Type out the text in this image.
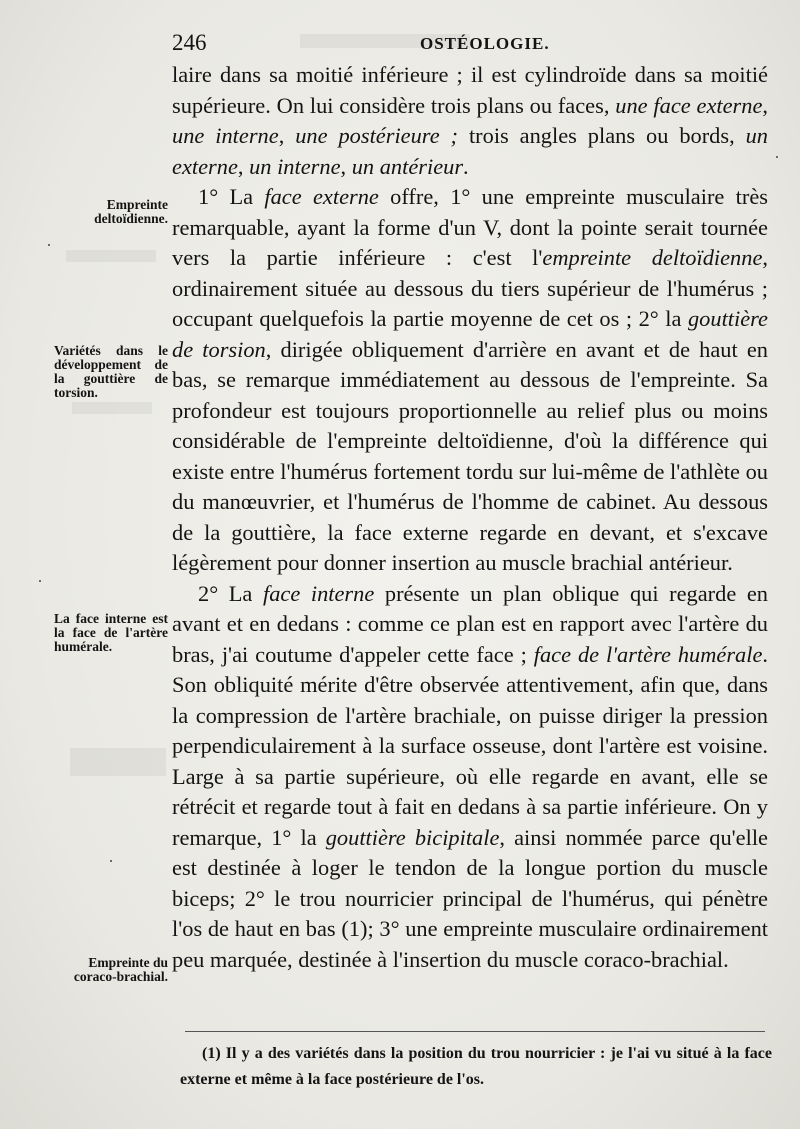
246	OSTÉOLOGIE.

laire dans sa moitié inférieure ; il est cylindroïde dans sa moitié supérieure. On lui considère trois plans ou faces, une face externe, une interne, une postérieure ; trois angles plans ou bords, un externe, un interne, un antérieur.

1° La face externe offre, 1° une empreinte musculaire très remarquable, ayant la forme d'un V, dont la pointe serait tournée vers la partie inférieure : c'est l'empreinte deltoïdienne, ordinairement située au dessous du tiers supérieur de l'humérus ; occupant quelquefois la partie moyenne de cet os ; 2° la gouttière de torsion, dirigée obliquement d'arrière en avant et de haut en bas, se remarque immédiatement au dessous de l'empreinte. Sa profondeur est toujours proportionnelle au relief plus ou moins considérable de l'empreinte deltoïdienne, d'où la différence qui existe entre l'humérus fortement tordu sur lui-même de l'athlète ou du manœuvrier, et l'humérus de l'homme de cabinet. Au dessous de la gouttière, la face externe regarde en devant, et s'excave légèrement pour donner insertion au muscle brachial antérieur.

2° La face interne présente un plan oblique qui regarde en avant et en dedans : comme ce plan est en rapport avec l'artère du bras, j'ai coutume d'appeler cette face ; face de l'artère humérale. Son obliquité mérite d'être observée attentivement, afin que, dans la compression de l'artère brachiale, on puisse diriger la pression perpendiculairement à la surface osseuse, dont l'artère est voisine. Large à sa partie supérieure, où elle regarde en avant, elle se rétrécit et regarde tout à fait en dedans à sa partie inférieure. On y remarque, 1° la gouttière bicipitale, ainsi nommée parce qu'elle est destinée à loger le tendon de la longue portion du muscle biceps; 2° le trou nourricier principal de l'humérus, qui pénètre l'os de haut en bas (1); 3° une empreinte musculaire ordinairement peu marquée, destinée à l'insertion du muscle coraco-brachial.

Empreinte deltoïdienne.
Variétés dans le développement de la gouttière de torsion.
La face interne est la face de l'artère humérale.
Empreinte du coraco-brachial.
(1) Il y a des variétés dans la position du trou nourricier : je l'ai vu situé à la face externe et même à la face postérieure de l'os.
